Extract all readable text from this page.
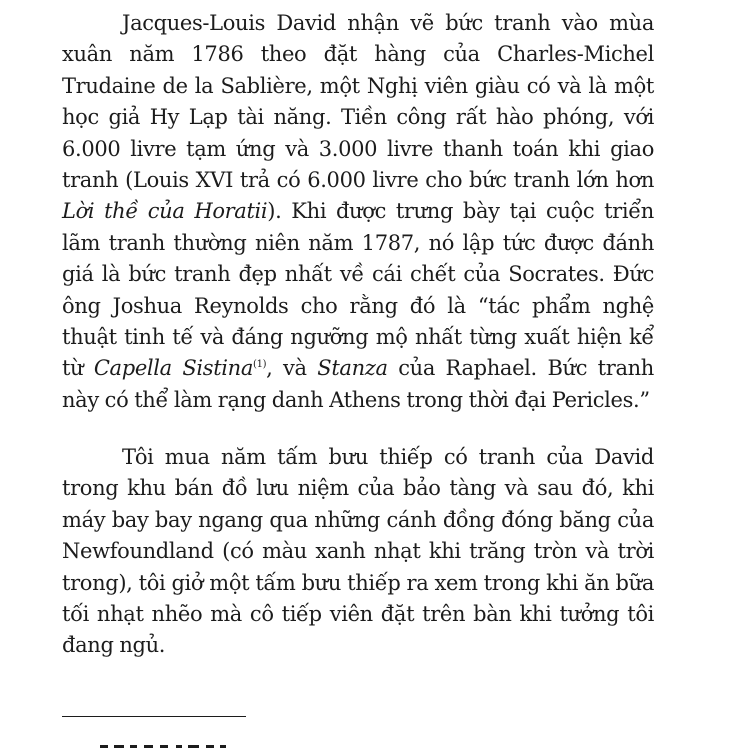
Jacques-Louis David nhận vẽ bức tranh vào mùa xuân năm 1786 theo đặt hàng của Charles-Michel Trudaine de la Sablière, một Nghị viên giàu có và là một học giả Hy Lạp tài năng. Tiền công rất hào phóng, với 6.000 livre tạm ứng và 3.000 livre thanh toán khi giao tranh (Louis XVI trả có 6.000 livre cho bức tranh lớn hơn Lời thề của Horatii). Khi được trưng bày tại cuộc triển lãm tranh thường niên năm 1787, nó lập tức được đánh giá là bức tranh đẹp nhất về cái chết của Socrates. Đức ông Joshua Reynolds cho rằng đó là “tác phẩm nghệ thuật tinh tế và đáng ngưỡng mộ nhất từng xuất hiện kể từ Capella Sistina$^{(1)}$, và Stanza của Raphael. Bức tranh này có thể làm rạng danh Athens trong thời đại Pericles.”

Tôi mua năm tấm bưu thiếp có tranh của David trong khu bán đồ lưu niệm của bảo tàng và sau đó, khi máy bay bay ngang qua những cánh đồng đóng băng của Newfoundland (có màu xanh nhạt khi trăng tròn và trời trong), tôi giở một tấm bưu thiếp ra xem trong khi ăn bữa tối nhạt nhẽo mà cô tiếp viên đặt trên bàn khi tưởng tôi đang ngủ.
